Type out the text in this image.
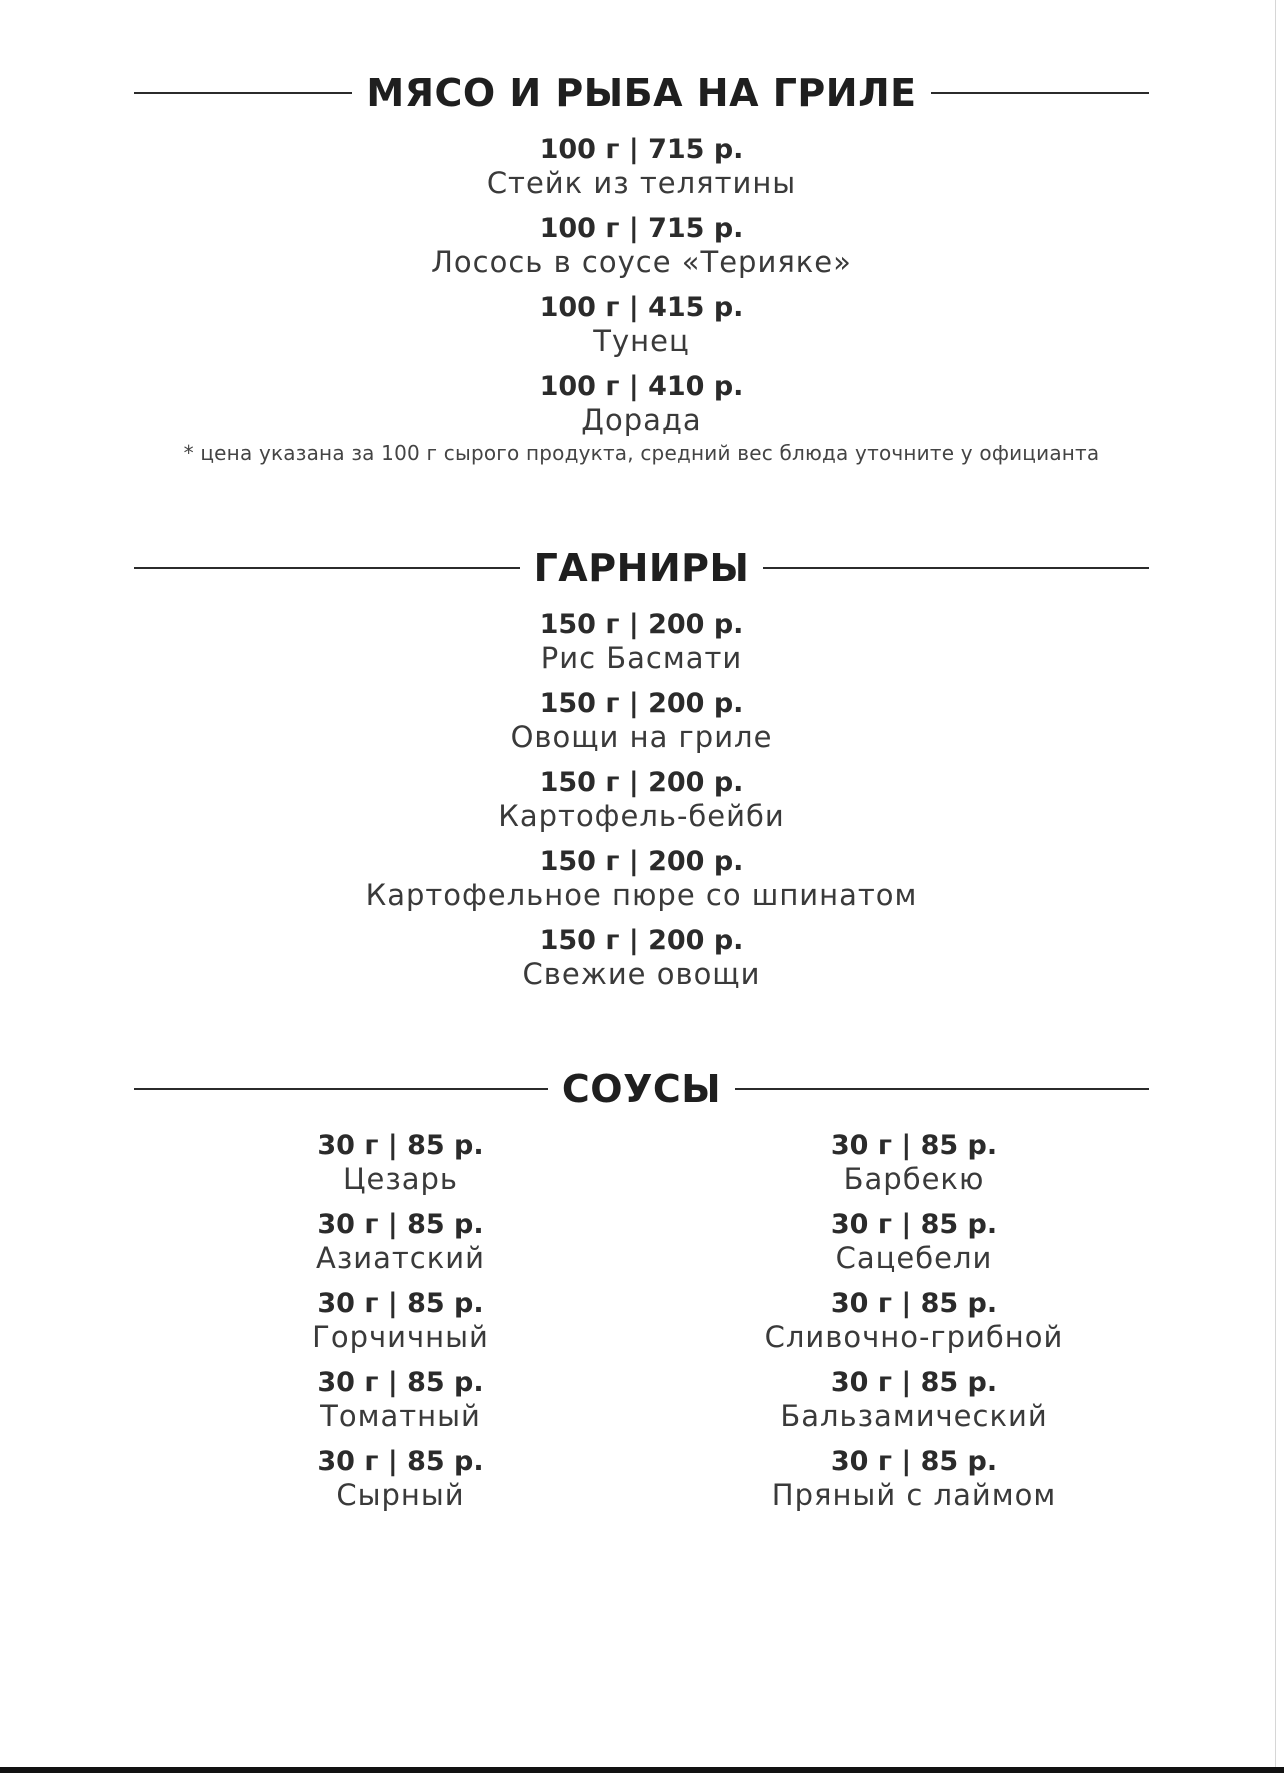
МЯСО И РЫБА НА ГРИЛЕ
100 г | 715 р.
Стейк из телятины
100 г | 715 р.
Лосось в соусе «Терияке»
100 г | 415 р.
Тунец
100 г | 410 р.
Дорада
* цена указана за 100 г сырого продукта, средний вес блюда уточните у официанта
ГАРНИРЫ
150 г | 200 р.
Рис Басмати
150 г | 200 р.
Овощи на гриле
150 г | 200 р.
Картофель-бейби
150 г | 200 р.
Картофельное пюре со шпинатом
150 г | 200 р.
Свежие овощи
СОУСЫ
30 г | 85 р.
Цезарь
30 г | 85 р.
Азиатский
30 г | 85 р.
Горчичный
30 г | 85 р.
Томатный
30 г | 85 р.
Сырный
30 г | 85 р.
Барбекю
30 г | 85 р.
Сацебели
30 г | 85 р.
Сливочно-грибной
30 г | 85 р.
Бальзамический
30 г | 85 р.
Пряный с лаймом
